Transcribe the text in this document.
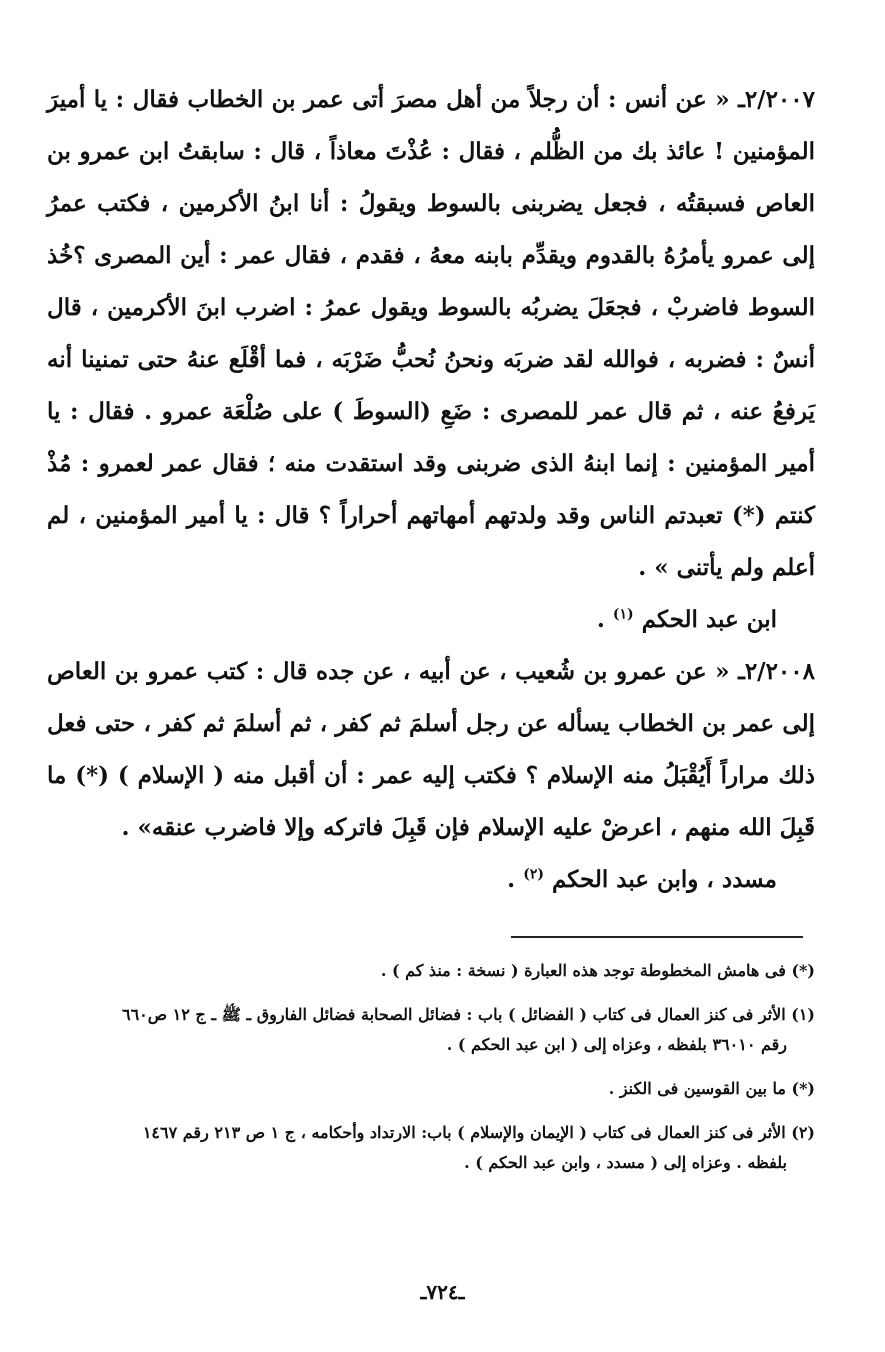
٢/٢٠٠٧ـ « عن أنس : أن رجلاً من أهل مصرَ أتى عمر بن الخطاب فقال : يا أميرَ المؤمنين ! عائذ بك من الظُّلم ، فقال : عُذْتَ معاذاً ، قال : سابقتُ ابن عمرو بن العاص فسبقتُه ، فجعل يضربنى بالسوط ويقولُ : أنا ابنُ الأكرمين ، فكتب عمرُ إلى عمرو يأمرُهُ بالقدوم ويقدِّم بابنه معهُ ، فقدم ، فقال عمر : أين المصرى ؟خُذ السوط فاضربْ ، فجعَلَ يضربُه بالسوط ويقول عمرُ : اضرب ابنَ الأكرمين ، قال أنسٌ : فضربه ، فوالله لقد ضربَه ونحنُ نُحبُّ ضَرْبَه ، فما أقْلَع عنهُ حتى تمنينا أنه يَرفعُ عنه ، ثم قال عمر للمصرى : ضَعِ (السوطَ ) على صُلْعَة عمرو . فقال : يا أمير المؤمنين : إنما ابنهُ الذى ضربنى وقد استقدت منه ؛ فقال عمر لعمرو : مُذْ كنتم (*) تعبدتم الناس وقد ولدتهم أمهاتهم أحراراً ؟ قال : يا أمير المؤمنين ، لم أعلم ولم يأتنى » .

ابن عبد الحكم $^{(١)}$ .

٢/٢٠٠٨ـ « عن عمرو بن شُعيب ، عن أبيه ، عن جده قال : كتب عمرو بن العاص إلى عمر بن الخطاب يسأله عن رجل أسلمَ ثم كفر ، ثم أسلمَ ثم كفر ، حتى فعل ذلك مراراً أَيُقْبَلُ منه الإسلام ؟ فكتب إليه عمر : أن أقبل منه ( الإسلام ) (*) ما قَبِلَ الله منهم ، اعرضْ عليه الإسلام فإن قَبِلَ فاتركه وإلا فاضرب عنقه» .

مسدد ، وابن عبد الحكم $^{(٢)}$ .

(*) فى هامش المخطوطة توجد هذه العبارة ( نسخة : منذ كم ) .

(١) الأثر فى كنز العمال فى كتاب ( الفضائل ) باب : فضائل الصحابة فضائل الفاروق ـ ﷺ ـ ج ١٢ ص٦٦٠
رقم ٣٦٠١٠ بلفظه ، وعزاه إلى ( ابن عبد الحكم ) .

(*) ما بين القوسين فى الكنز .

(٢) الأثر فى كنز العمال فى كتاب ( الإيمان والإسلام ) باب: الارتداد وأحكامه ، ج ١ ص ٢١٣ رقم ١٤٦٧
بلفظه . وعزاه إلى ( مسدد ، وابن عبد الحكم ) .

ـ٧٢٤ـ
